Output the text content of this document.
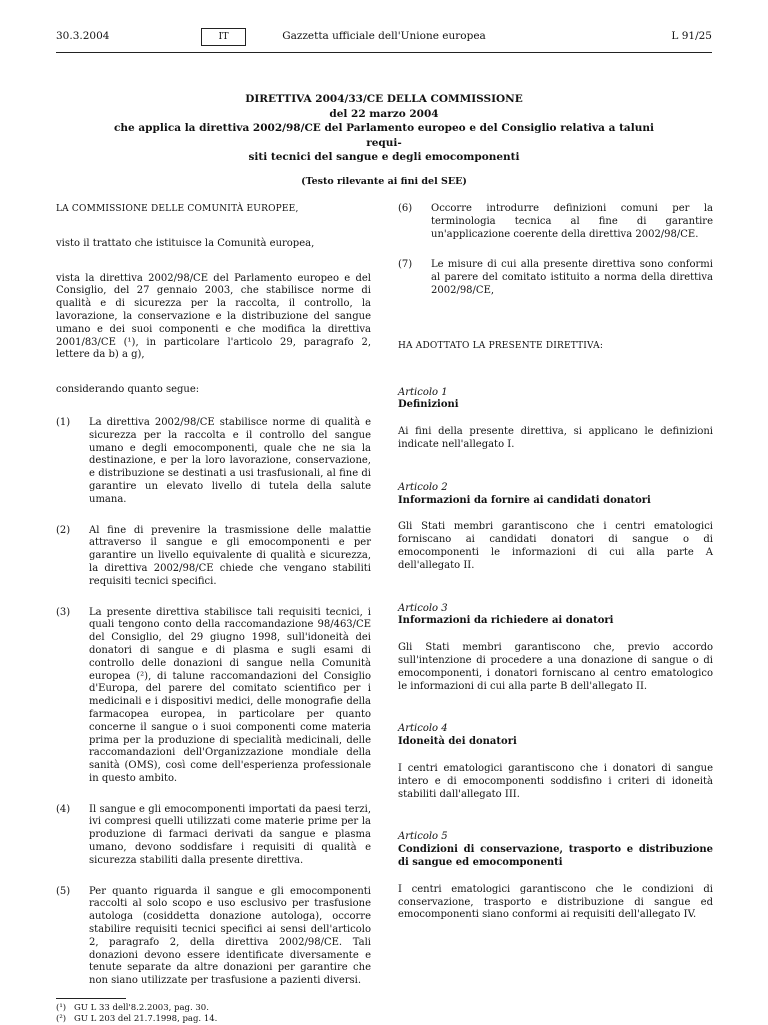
30.3.2004	IT	Gazzetta ufficiale dell'Unione europea	L 91/25
DIRETTIVA 2004/33/CE DELLA COMMISSIONE
del 22 marzo 2004
che applica la direttiva 2002/98/CE del Parlamento europeo e del Consiglio relativa a taluni requi-
siti tecnici del sangue e degli emocomponenti
(Testo rilevante ai fini del SEE)

LA COMMISSIONE DELLE COMUNITÀ EUROPEE,

visto il trattato che istituisce la Comunità europea,

vista la direttiva 2002/98/CE del Parlamento europeo e del Consiglio, del 27 gennaio 2003, che stabilisce norme di qualità e di sicurezza per la raccolta, il controllo, la lavorazione, la conservazione e la distribuzione del sangue umano e dei suoi componenti e che modifica la direttiva 2001/83/CE (¹), in particolare l'articolo 29, paragrafo 2, lettere da b) a g),

considerando quanto segue:

(1)	La direttiva 2002/98/CE stabilisce norme di qualità e sicurezza per la raccolta e il controllo del sangue umano e degli emocomponenti, quale che ne sia la destinazione, e per la loro lavorazione, conservazione, e distribuzione se destinati a usi trasfusionali, al fine di garantire un elevato livello di tutela della salute umana.
(2)	Al fine di prevenire la trasmissione delle malattie attraverso il sangue e gli emocomponenti e per garantire un livello equivalente di qualità e sicurezza, la direttiva 2002/98/CE chiede che vengano stabiliti requisiti tecnici specifici.
(3)	La presente direttiva stabilisce tali requisiti tecnici, i quali tengono conto della raccomandazione 98/463/CE del Consiglio, del 29 giugno 1998, sull'idoneità dei donatori di sangue e di plasma e sugli esami di controllo delle donazioni di sangue nella Comunità europea (²), di talune raccomandazioni del Consiglio d'Europa, del parere del comitato scientifico per i medicinali e i dispositivi medici, delle monografie della farmacopea europea, in particolare per quanto concerne il sangue o i suoi componenti come materia prima per la produzione di specialità medicinali, delle raccomandazioni dell'Organizzazione mondiale della sanità (OMS), così come dell'esperienza professionale in questo ambito.
(4)	Il sangue e gli emocomponenti importati da paesi terzi, ivi compresi quelli utilizzati come materie prime per la produzione di farmaci derivati da sangue e plasma umano, devono soddisfare i requisiti di qualità e sicurezza stabiliti dalla presente direttiva.
(5)	Per quanto riguarda il sangue e gli emocomponenti raccolti al solo scopo e uso esclusivo per trasfusione autologa (cosiddetta donazione autologa), occorre stabilire requisiti tecnici specifici ai sensi dell'articolo 2, paragrafo 2, della direttiva 2002/98/CE. Tali donazioni devono essere identificate diversamente e tenute separate da altre donazioni per garantire che non siano utilizzate per trasfusione a pazienti diversi.
(¹) GU L 33 dell'8.2.2003, pag. 30.
(²) GU L 203 del 21.7.1998, pag. 14.
(6)	Occorre introdurre definizioni comuni per la terminologia tecnica al fine di garantire un'applicazione coerente della direttiva 2002/98/CE.
(7)	Le misure di cui alla presente direttiva sono conformi al parere del comitato istituito a norma della direttiva 2002/98/CE,

HA ADOTTATO LA PRESENTE DIRETTIVA:

Articolo 1

Definizioni

Ai fini della presente direttiva, si applicano le definizioni indicate nell'allegato I.

Articolo 2

Informazioni da fornire ai candidati donatori

Gli Stati membri garantiscono che i centri ematologici forniscano ai candidati donatori di sangue o di emocomponenti le informazioni di cui alla parte A dell'allegato II.

Articolo 3

Informazioni da richiedere ai donatori

Gli Stati membri garantiscono che, previo accordo sull'intenzione di procedere a una donazione di sangue o di emocomponenti, i donatori forniscano al centro ematologico le informazioni di cui alla parte B dell'allegato II.

Articolo 4

Idoneità dei donatori

I centri ematologici garantiscono che i donatori di sangue intero e di emocomponenti soddisfino i criteri di idoneità stabiliti dall'allegato III.

Articolo 5

Condizioni di conservazione, trasporto e distribuzione di sangue ed emocomponenti

I centri ematologici garantiscono che le condizioni di conservazione, trasporto e distribuzione di sangue ed emocomponenti siano conformi ai requisiti dell'allegato IV.
